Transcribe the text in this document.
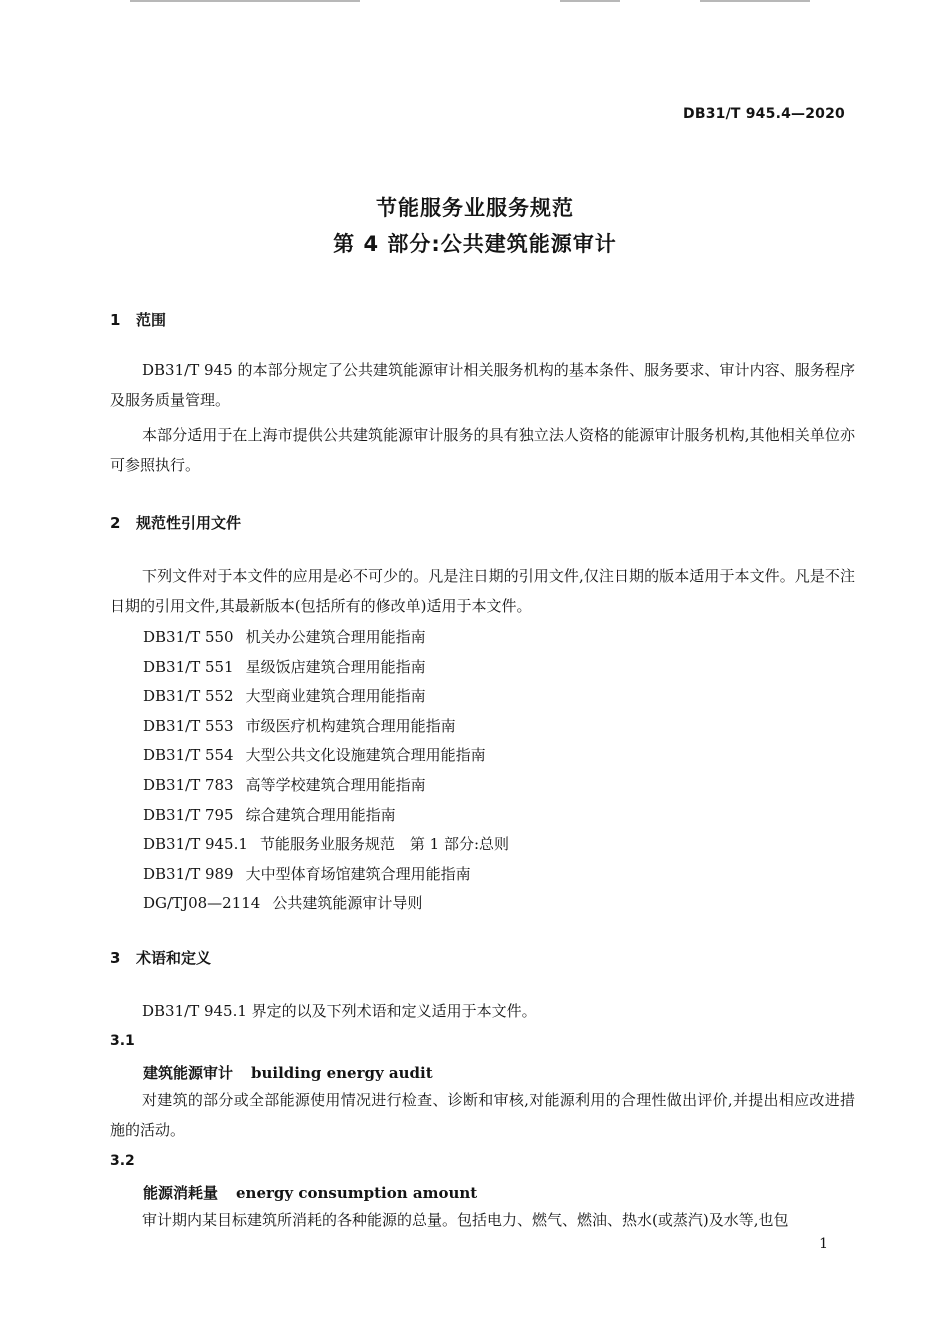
DB31/T 945.4—2020
节能服务业服务规范
第 4 部分:公共建筑能源审计
1 范围

DB31/T 945 的本部分规定了公共建筑能源审计相关服务机构的基本条件、服务要求、审计内容、服务程序及服务质量管理。

本部分适用于在上海市提供公共建筑能源审计服务的具有独立法人资格的能源审计服务机构,其他相关单位亦可参照执行。

2 规范性引用文件

下列文件对于本文件的应用是必不可少的。凡是注日期的引用文件,仅注日期的版本适用于本文件。凡是不注日期的引用文件,其最新版本(包括所有的修改单)适用于本文件。

DB31/T 550 机关办公建筑合理用能指南
DB31/T 551 星级饭店建筑合理用能指南
DB31/T 552 大型商业建筑合理用能指南
DB31/T 553 市级医疗机构建筑合理用能指南
DB31/T 554 大型公共文化设施建筑合理用能指南
DB31/T 783 高等学校建筑合理用能指南
DB31/T 795 综合建筑合理用能指南
DB31/T 945.1 节能服务业服务规范　第 1 部分:总则
DB31/T 989 大中型体育场馆建筑合理用能指南
DG/TJ08—2114 公共建筑能源审计导则
3 术语和定义

DB31/T 945.1 界定的以及下列术语和定义适用于本文件。

3.1
建筑能源审计 building energy audit

对建筑的部分或全部能源使用情况进行检查、诊断和审核,对能源利用的合理性做出评价,并提出相应改进措施的活动。

3.2
能源消耗量 energy consumption amount

审计期内某目标建筑所消耗的各种能源的总量。包括电力、燃气、燃油、热水(或蒸汽)及水等,也包

1
